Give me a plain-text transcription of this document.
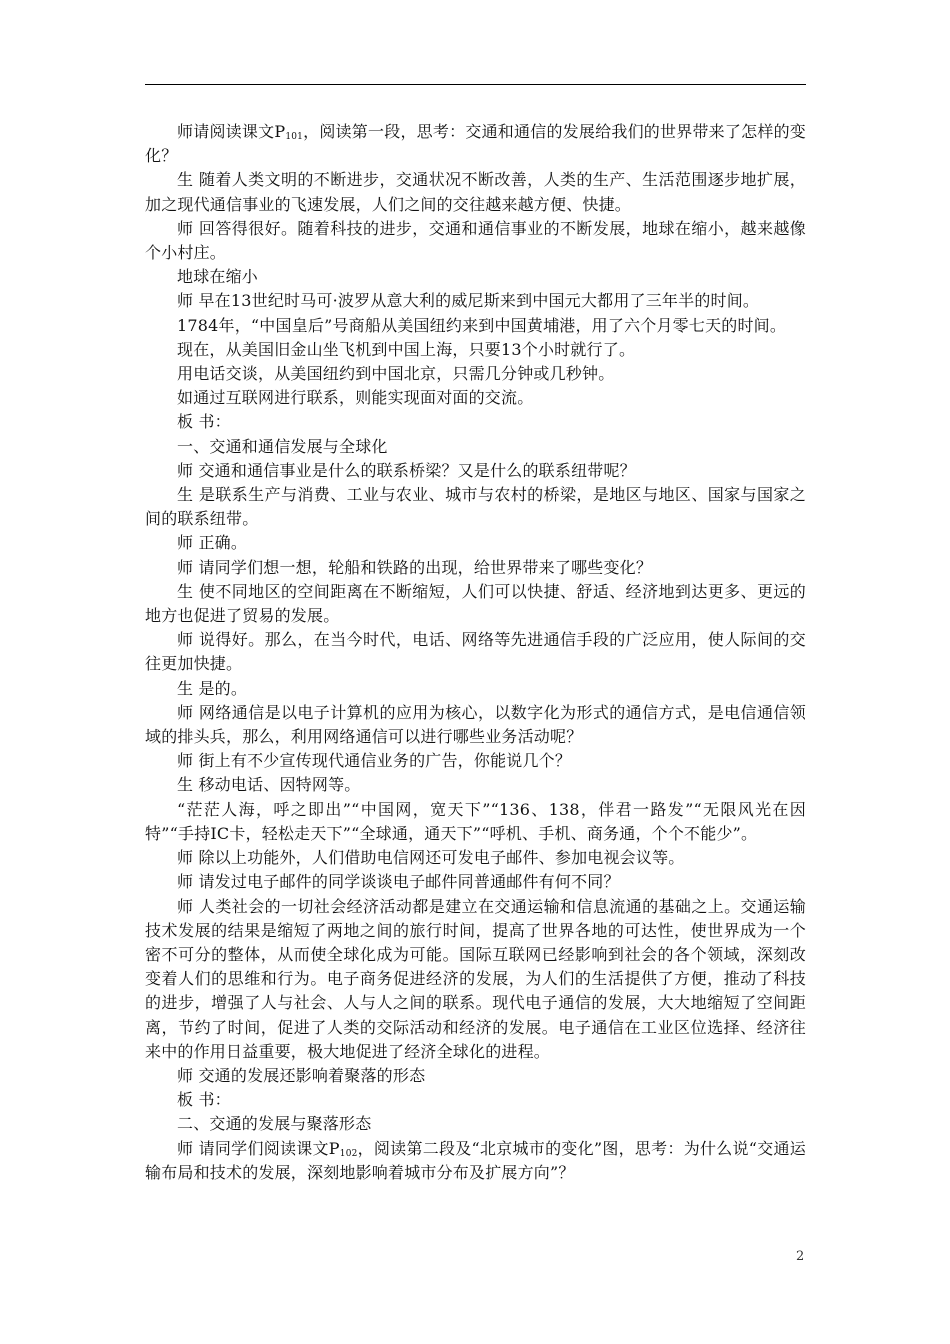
师请阅读课文$P_{101}$，阅读第一段，思考：交通和通信的发展给我们的世界带来了怎样的变化？

生 随着人类文明的不断进步，交通状况不断改善，人类的生产、生活范围逐步地扩展，加之现代通信事业的飞速发展，人们之间的交往越来越方便、快捷。

师 回答得很好。随着科技的进步，交通和通信事业的不断发展，地球在缩小，越来越像个小村庄。

地球在缩小

师 早在13世纪时马可·波罗从意大利的威尼斯来到中国元大都用了三年半的时间。

1784年，“中国皇后”号商船从美国纽约来到中国黄埔港，用了六个月零七天的时间。

现在，从美国旧金山坐飞机到中国上海，只要13个小时就行了。

用电话交谈，从美国纽约到中国北京，只需几分钟或几秒钟。

如通过互联网进行联系，则能实现面对面的交流。

板 书：

一、交通和通信发展与全球化

师 交通和通信事业是什么的联系桥梁？又是什么的联系纽带呢？

生 是联系生产与消费、工业与农业、城市与农村的桥梁，是地区与地区、国家与国家之间的联系纽带。

师 正确。

师 请同学们想一想，轮船和铁路的出现，给世界带来了哪些变化？

生 使不同地区的空间距离在不断缩短，人们可以快捷、舒适、经济地到达更多、更远的地方也促进了贸易的发展。

师 说得好。那么，在当今时代，电话、网络等先进通信手段的广泛应用，使人际间的交往更加快捷。

生 是的。

师 网络通信是以电子计算机的应用为核心，以数字化为形式的通信方式，是电信通信领域的排头兵，那么，利用网络通信可以进行哪些业务活动呢？

师 街上有不少宣传现代通信业务的广告，你能说几个？

生 移动电话、因特网等。

“茫茫人海，呼之即出”“中国网，宽天下”“136、138，伴君一路发”“无限风光在因特”“手持IC卡，轻松走天下”“全球通，通天下”“呼机、手机、商务通，个个不能少”。

师 除以上功能外，人们借助电信网还可发电子邮件、参加电视会议等。

师 请发过电子邮件的同学谈谈电子邮件同普通邮件有何不同？

师 人类社会的一切社会经济活动都是建立在交通运输和信息流通的基础之上。交通运输技术发展的结果是缩短了两地之间的旅行时间，提高了世界各地的可达性，使世界成为一个密不可分的整体，从而使全球化成为可能。国际互联网已经影响到社会的各个领域，深刻改变着人们的思维和行为。电子商务促进经济的发展，为人们的生活提供了方便，推动了科技的进步，增强了人与社会、人与人之间的联系。现代电子通信的发展，大大地缩短了空间距离，节约了时间，促进了人类的交际活动和经济的发展。电子通信在工业区位选择、经济往来中的作用日益重要，极大地促进了经济全球化的进程。

师 交通的发展还影响着聚落的形态

板 书：

二、交通的发展与聚落形态

师 请同学们阅读课文$P_{102}$，阅读第二段及“北京城市的变化”图，思考：为什么说“交通运输布局和技术的发展，深刻地影响着城市分布及扩展方向”？

2
